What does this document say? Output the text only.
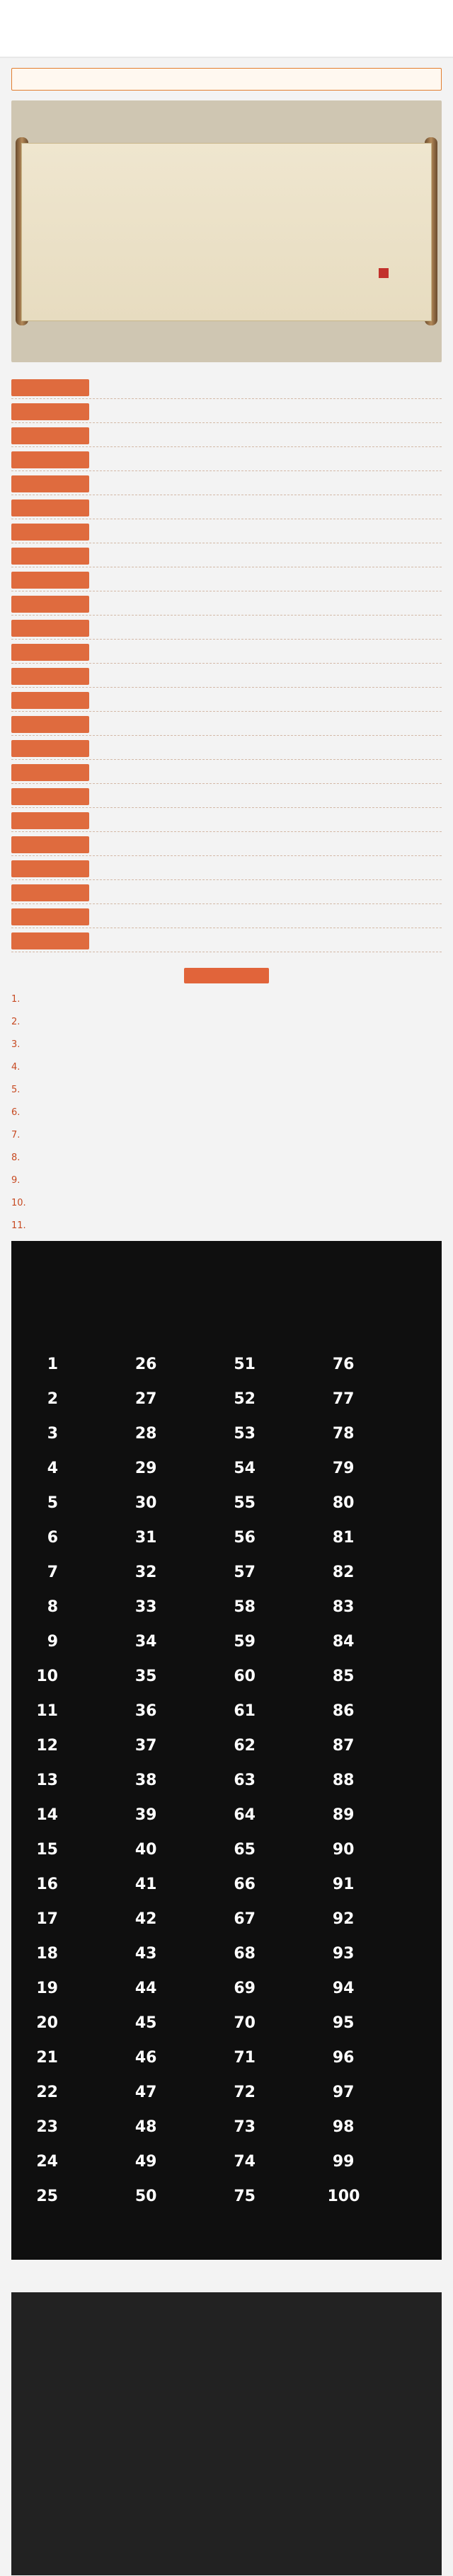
1.
2.
3.
4.
5.
6.
7.
8.
9.
10.
11.
1
2
3
4
5
6
7
8
9
10
11
12
13
14
15
16
17
18
19
20
21
22
23
24
25
26
27
28
29
30
31
32
33
34
35
36
37
38
39
40
41
42
43
44
45
46
47
48
49
50
51
52
53
54
55
56
57
58
59
60
61
62
63
64
65
66
67
68
69
70
71
72
73
74
75
76
77
78
79
80
81
82
83
84
85
86
87
88
89
90
91
92
93
94
95
96
97
98
99
100
